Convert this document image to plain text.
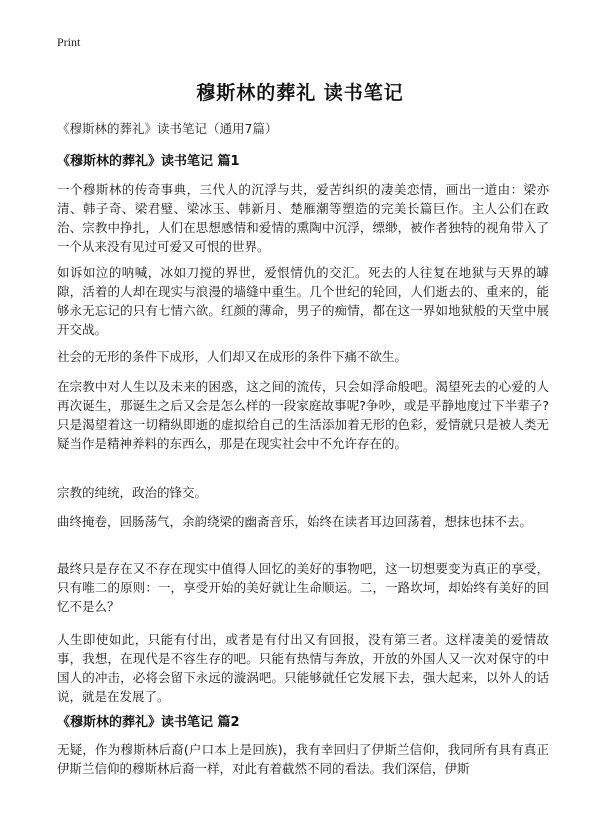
Print
穆斯林的葬礼 读书笔记
《穆斯林的葬礼》读书笔记（通用7篇）
《穆斯林的葬礼》读书笔记 篇1

一个穆斯林的传奇事典，三代人的沉浮与共，爱苦纠织的凄美恋情，画出一道由：梁亦清、韩子奇、梁君璧、梁冰玉、韩新月、楚雁潮等塑造的完美长篇巨作。主人公们在政治、宗教中挣扎，人们在思想感情和爱情的熏陶中沉浮，缥缈，被作者独特的视角带入了一个从来没有见过可爱又可恨的世界。

如诉如泣的呐喊，冰如刀搅的界世，爱恨情仇的交汇。死去的人往复在地狱与天界的罅隙，活着的人却在现实与浪漫的墙缝中重生。几个世纪的轮回，人们逝去的、重来的，能够永无忘记的只有七情六欲。红颜的薄命，男子的痴情，都在这一界如地狱般的天堂中展开交战。

社会的无形的条件下成形，人们却又在成形的条件下痛不欲生。

在宗教中对人生以及未来的困惑，这之间的流传，只会如浮命般吧。渴望死去的心爱的人再次诞生，那诞生之后又会是怎么样的一段家庭故事呢?争吵，或是平静地度过下半辈子?只是渴望着这一切精纵即逝的虚拟给自己的生活添加着无形的色彩，爱情就只是被人类无疑当作是精神养料的东西么，那是在现实社会中不允许存在的。

宗教的纯统，政治的锋交。

曲终掩卷，回肠荡气，余韵绕梁的幽斋音乐，始终在读者耳边回荡着，想抹也抹不去。

最终只是存在又不存在现实中值得人回忆的美好的事物吧，这一切想要变为真正的享受，只有唯二的原则：一，享受开始的美好就让生命顺运。二，一路坎坷，却始终有美好的回忆不是么？

人生即使如此，只能有付出，或者是有付出又有回报，没有第三者。这样凄美的爱情故事，我想，在现代是不容生存的吧。只能有热情与奔放，开放的外国人又一次对保守的中国人的冲击，必将会留下永远的漩涡吧。只能够就任它发展下去，强大起来，以外人的话说，就是在发展了。

《穆斯林的葬礼》读书笔记 篇2

无疑，作为穆斯林后裔(户口本上是回族)，我有幸回归了伊斯兰信仰，我同所有具有真正伊斯兰信仰的穆斯林后裔一样，对此有着截然不同的看法。我们深信，伊斯
